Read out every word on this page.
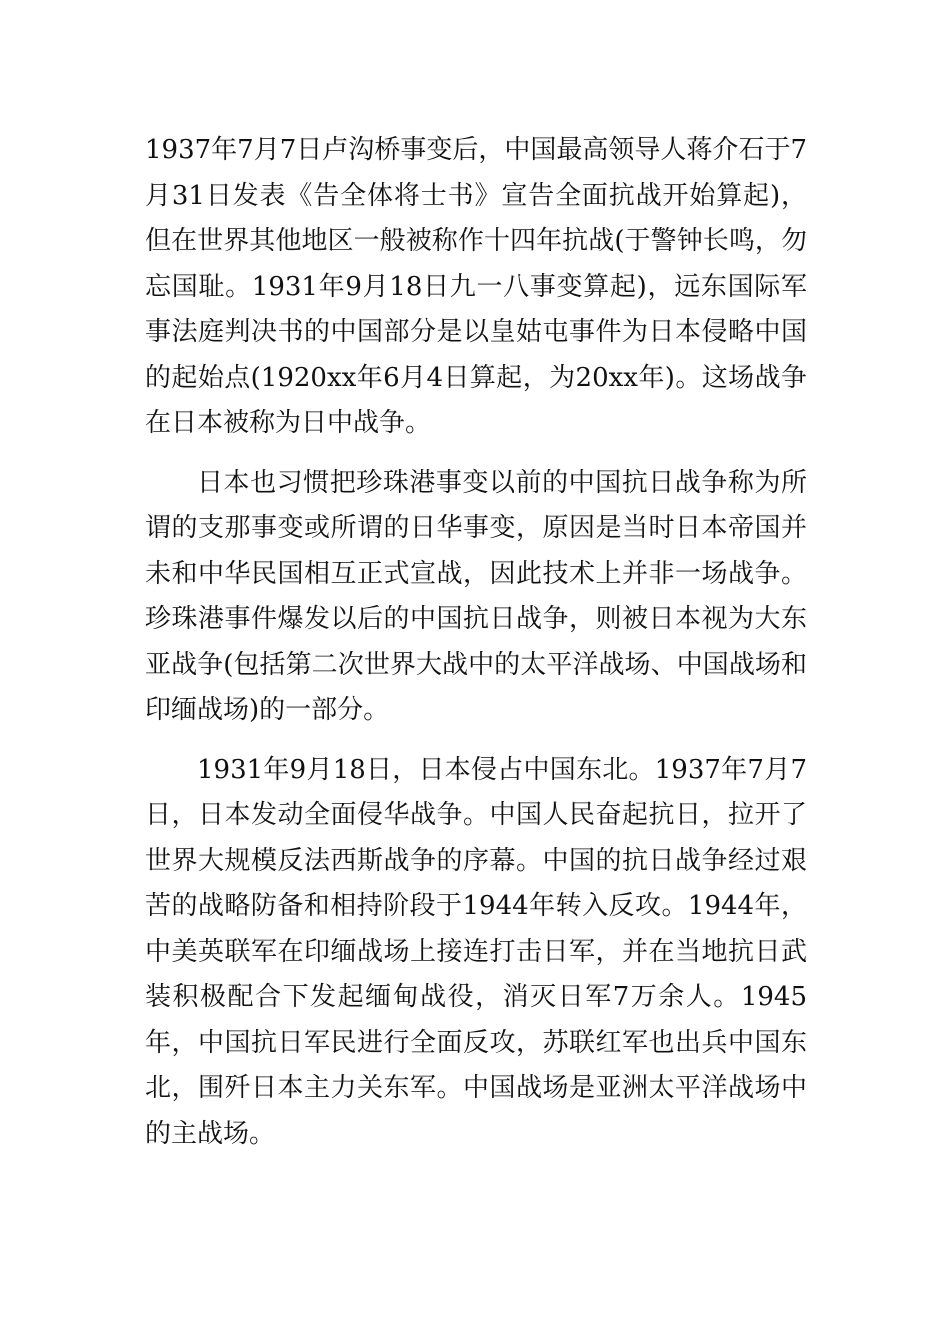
1937年7月7日卢沟桥事变后，中国最高领导人蒋介石于7月31日发表《告全体将士书》宣告全面抗战开始算起)，但在世界其他地区一般被称作十四年抗战(于警钟长鸣，勿忘国耻。1931年9月18日九一八事变算起)，远东国际军事法庭判决书的中国部分是以皇姑屯事件为日本侵略中国的起始点(1920xx年6月4日算起，为20xx年)。这场战争在日本被称为日中战争。

日本也习惯把珍珠港事变以前的中国抗日战争称为所谓的支那事变或所谓的日华事变，原因是当时日本帝国并未和中华民国相互正式宣战，因此技术上并非一场战争。珍珠港事件爆发以后的中国抗日战争，则被日本视为大东亚战争(包括第二次世界大战中的太平洋战场、中国战场和印缅战场)的一部分。

1931年9月18日，日本侵占中国东北。1937年7月7日，日本发动全面侵华战争。中国人民奋起抗日，拉开了世界大规模反法西斯战争的序幕。中国的抗日战争经过艰苦的战略防备和相持阶段于1944年转入反攻。1944年，中美英联军在印缅战场上接连打击日军，并在当地抗日武装积极配合下发起缅甸战役，消灭日军7万余人。1945年，中国抗日军民进行全面反攻，苏联红军也出兵中国东北，围歼日本主力关东军。中国战场是亚洲太平洋战场中的主战场。
